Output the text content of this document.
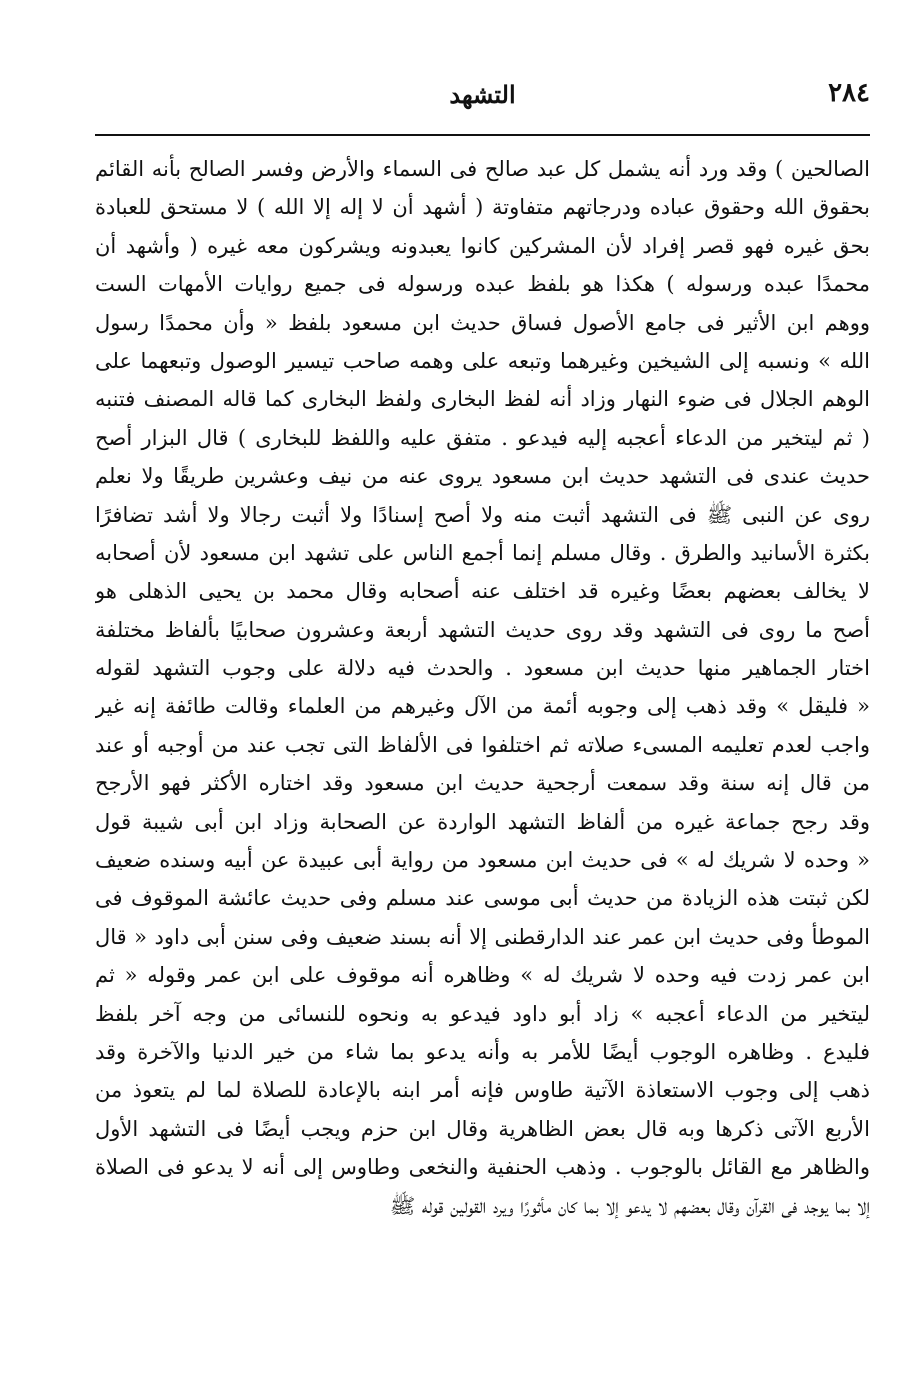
٢٨٤
التشهد
الصالحين ) وقد ورد أنه يشمل كل عبد صالح فى السماء والأرض وفسر الصالح بأنه القائم
بحقوق الله وحقوق عباده ودرجاتهم متفاوتة ( أشهد أن لا إله إلا الله ) لا مستحق للعبادة
بحق غيره فهو قصر إفراد لأن المشركين كانوا يعبدونه ويشركون معه غيره ( وأشهد أن
محمدًا عبده ورسوله ) هكذا هو بلفظ عبده ورسوله فى جميع روايات الأمهات الست
ووهم ابن الأثير فى جامع الأصول فساق حديث ابن مسعود بلفظ « وأن محمدًا رسول
الله » ونسبه إلى الشيخين وغيرهما وتبعه على وهمه صاحب تيسير الوصول وتبعهما على
الوهم الجلال فى ضوء النهار وزاد أنه لفظ البخارى ولفظ البخارى كما قاله المصنف فتنبه
( ثم ليتخير من الدعاء أعجبه إليه فيدعو . متفق عليه واللفظ للبخارى ) قال البزار أصح
حديث عندى فى التشهد حديث ابن مسعود يروى عنه من نيف وعشرين طريقًا ولا نعلم
روى عن النبى ﷺ فى التشهد أثبت منه ولا أصح إسنادًا ولا أثبت رجالا ولا أشد تضافرًا
بكثرة الأسانيد والطرق . وقال مسلم إنما أجمع الناس على تشهد ابن مسعود لأن أصحابه
لا يخالف بعضهم بعضًا وغيره قد اختلف عنه أصحابه وقال محمد بن يحيى الذهلى هو
أصح ما روى فى التشهد وقد روى حديث التشهد أربعة وعشرون صحابيًا بألفاظ مختلفة
اختار الجماهير منها حديث ابن مسعود . والحدث فيه دلالة على وجوب التشهد لقوله
« فليقل » وقد ذهب إلى وجوبه أئمة من الآل وغيرهم من العلماء وقالت طائفة إنه غير
واجب لعدم تعليمه المسىء صلاته ثم اختلفوا فى الألفاظ التى تجب عند من أوجبه أو عند
من قال إنه سنة وقد سمعت أرجحية حديث ابن مسعود وقد اختاره الأكثر فهو الأرجح
وقد رجح جماعة غيره من ألفاظ التشهد الواردة عن الصحابة وزاد ابن أبى شيبة قول
« وحده لا شريك له » فى حديث ابن مسعود من رواية أبى عبيدة عن أبيه وسنده ضعيف
لكن ثبتت هذه الزيادة من حديث أبى موسى عند مسلم وفى حديث عائشة الموقوف فى
الموطأ وفى حديث ابن عمر عند الدارقطنى إلا أنه بسند ضعيف وفى سنن أبى داود « قال
ابن عمر زدت فيه وحده لا شريك له » وظاهره أنه موقوف على ابن عمر وقوله « ثم
ليتخير من الدعاء أعجبه » زاد أبو داود فيدعو به ونحوه للنسائى من وجه آخر بلفظ
فليدع . وظاهره الوجوب أيضًا للأمر به وأنه يدعو بما شاء من خير الدنيا والآخرة وقد
ذهب إلى وجوب الاستعاذة الآتية طاوس فإنه أمر ابنه بالإعادة للصلاة لما لم يتعوذ من
الأربع الآتى ذكرها وبه قال بعض الظاهرية وقال ابن حزم ويجب أيضًا فى التشهد الأول
والظاهر مع القائل بالوجوب . وذهب الحنفية والنخعى وطاوس إلى أنه لا يدعو فى الصلاة
إلا بما يوجد فى القرآن وقال بعضهم لا يدعو إلا بما كان مأثورًا ويرد القولين قوله ﷺ
